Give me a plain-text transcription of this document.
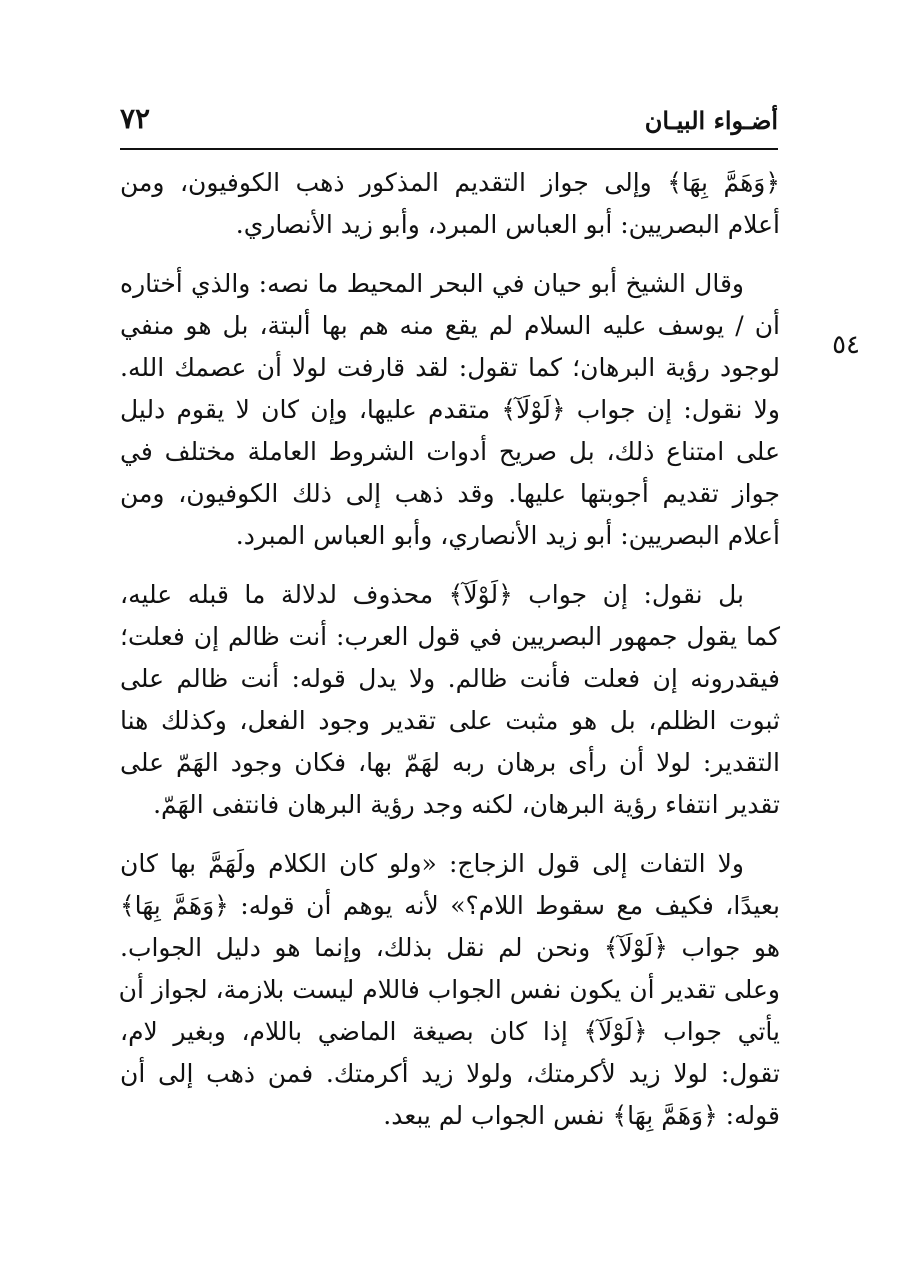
أضـواء البيـان
٧٢
٥٤
﴿وَهَمَّ بِهَا﴾ وإلى جواز التقديم المذكور ذهب الكوفيون، ومن
أعلام البصريين: أبو العباس المبرد، وأبو زيد الأنصاري.
وقال الشيخ أبو حيان في البحر المحيط ما نصه: والذي أختاره
أن / يوسف عليه السلام لم يقع منه هم بها ألبتة، بل هو منفي
لوجود رؤية البرهان؛ كما تقول: لقد قارفت لولا أن عصمك الله.
ولا نقول: إن جواب ﴿لَوْلَآ﴾ متقدم عليها، وإن كان لا يقوم دليل
على امتناع ذلك، بل صريح أدوات الشروط العاملة مختلف في
جواز تقديم أجوبتها عليها. وقد ذهب إلى ذلك الكوفيون، ومن
أعلام البصريين: أبو زيد الأنصاري، وأبو العباس المبرد.
بل نقول: إن جواب ﴿لَوْلَآ﴾ محذوف لدلالة ما قبله عليه،
كما يقول جمهور البصريين في قول العرب: أنت ظالم إن فعلت؛
فيقدرونه إن فعلت فأنت ظالم. ولا يدل قوله: أنت ظالم على
ثبوت الظلم، بل هو مثبت على تقدير وجود الفعل، وكذلك هنا
التقدير: لولا أن رأى برهان ربه لهَمّ بها، فكان وجود الهَمّ على
تقدير انتفاء رؤية البرهان، لكنه وجد رؤية البرهان فانتفى الهَمّ.
ولا التفات إلى قول الزجاج: «ولو كان الكلام ولَهَمَّ بها كان
بعيدًا، فكيف مع سقوط اللام؟» لأنه يوهم أن قوله: ﴿وَهَمَّ بِهَا﴾
هو جواب ﴿لَوْلَآ﴾ ونحن لم نقل بذلك، وإنما هو دليل الجواب.
وعلى تقدير أن يكون نفس الجواب فاللام ليست بلازمة، لجواز أن
يأتي جواب ﴿لَوْلَآ﴾ إذا كان بصيغة الماضي باللام، وبغير لام،
تقول: لولا زيد لأكرمتك، ولولا زيد أكرمتك. فمن ذهب إلى أن
قوله: ﴿وَهَمَّ بِهَا﴾ نفس الجواب لم يبعد.
